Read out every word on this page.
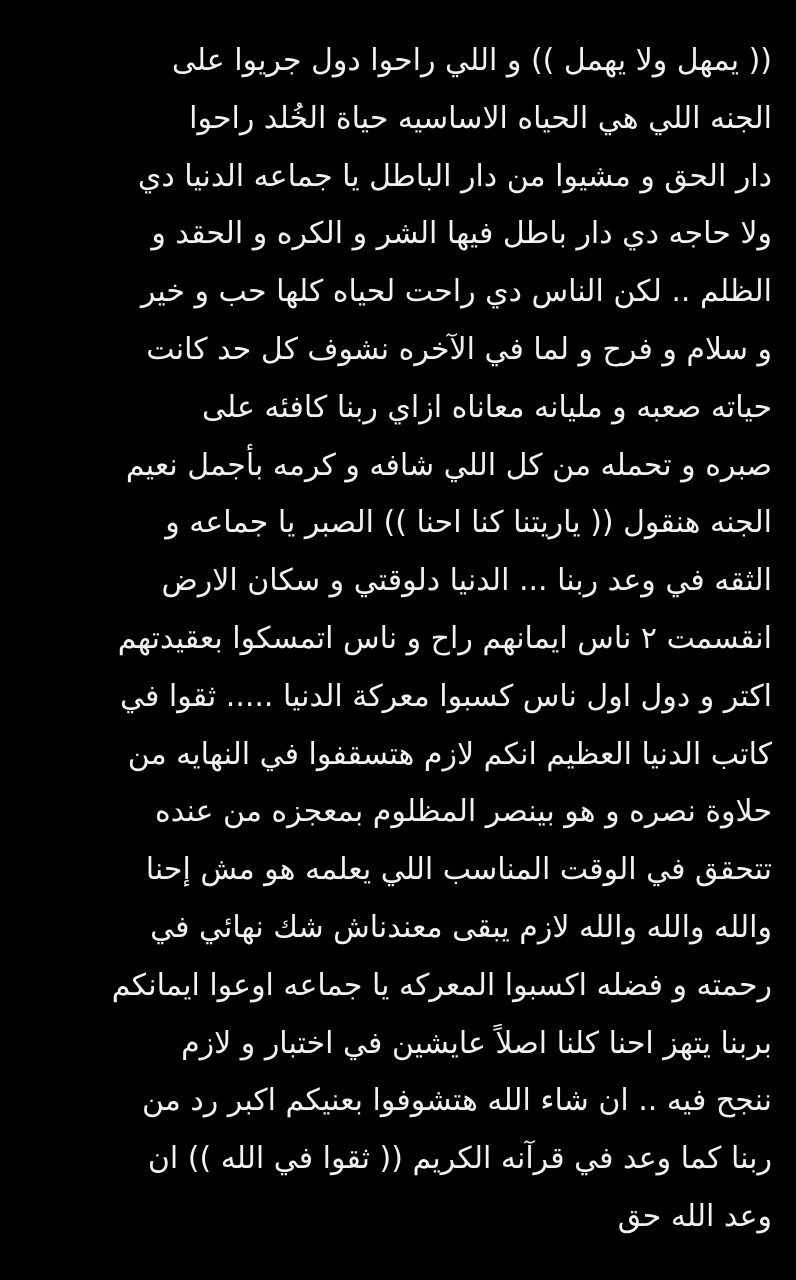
(( يمهل ولا يهمل )) و اللي راحوا دول جريوا على
الجنه اللي هي الحياه الاساسيه حياة الخُلد راحوا
دار الحق و مشيوا من دار الباطل يا جماعه الدنيا دي
ولا حاجه دي دار باطل فيها الشر و الكره و الحقد و
الظلم .. لكن الناس دي راحت لحياه كلها حب و خير
و سلام و فرح و لما في الآخره نشوف كل حد كانت
حياته صعبه و مليانه معاناه ازاي ربنا كافئه على
صبره و تحمله من كل اللي شافه و كرمه بأجمل نعيم
الجنه هنقول (( ياريتنا كنا احنا )) الصبر يا جماعه و
الثقه في وعد ربنا ... الدنيا دلوقتي و سكان الارض
انقسمت ٢ ناس ايمانهم راح و ناس اتمسكوا بعقيدتهم
اكتر و دول اول ناس كسبوا معركة الدنيا ..... ثقوا في
كاتب الدنيا العظيم انكم لازم هتسقفوا في النهايه من
حلاوة نصره و هو بينصر المظلوم بمعجزه من عنده
تتحقق في الوقت المناسب اللي يعلمه هو مش إحنا
والله والله والله لازم يبقى معندناش شك نهائي في
رحمته و فضله اكسبوا المعركه يا جماعه اوعوا ايمانكم
بربنا يتهز احنا كلنا اصلاً عايشين في اختبار و لازم
ننجح فيه .. ان شاء الله هتشوفوا بعنيكم اكبر رد من
ربنا كما وعد في قرآنه الكريم (( ثقوا في الله )) ان
وعد الله حق
